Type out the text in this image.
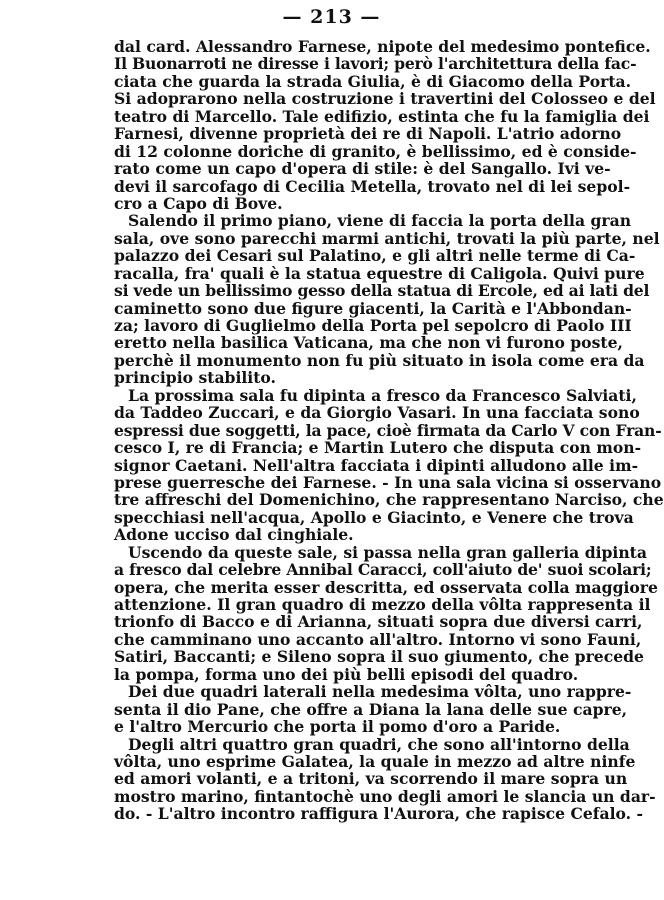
— 213 —
dal card. Alessandro Farnese, nipote del medesimo pontefice.
Il Buonarroti ne diresse i lavori; però l'architettura della fac-
ciata che guarda la strada Giulia, è di Giacomo della Porta.
Si adoprarono nella costruzione i travertini del Colosseo e del
teatro di Marcello. Tale edifizio, estinta che fu la famiglia dei
Farnesi, divenne proprietà dei re di Napoli. L'atrio adorno
di 12 colonne doriche di granito, è bellissimo, ed è conside-
rato come un capo d'opera di stile: è del Sangallo. Ivi ve-
devi il sarcofago di Cecilia Metella, trovato nel di lei sepol-
cro a Capo di Bove.
Salendo il primo piano, viene di faccia la porta della gran
sala, ove sono parecchi marmi antichi, trovati la più parte, nel
palazzo dei Cesari sul Palatino, e gli altri nelle terme di Ca-
racalla, fra' quali è la statua equestre di Caligola. Quivi pure
si vede un bellissimo gesso della statua di Ercole, ed ai lati del
caminetto sono due figure giacenti, la Carità e l'Abbondan-
za; lavoro di Guglielmo della Porta pel sepolcro di Paolo III
eretto nella basilica Vaticana, ma che non vi furono poste,
perchè il monumento non fu più situato in isola come era da
principio stabilito.
La prossima sala fu dipinta a fresco da Francesco Salviati,
da Taddeo Zuccari, e da Giorgio Vasari. In una facciata sono
espressi due soggetti, la pace, cioè firmata da Carlo V con Fran-
cesco I, re di Francia; e Martin Lutero che disputa con mon-
signor Caetani. Nell'altra facciata i dipinti alludono alle im-
prese guerresche dei Farnese. - In una sala vicina si osservano
tre affreschi del Domenichino, che rappresentano Narciso, che
specchiasi nell'acqua, Apollo e Giacinto, e Venere che trova
Adone ucciso dal cinghiale.
Uscendo da queste sale, si passa nella gran galleria dipinta
a fresco dal celebre Annibal Caracci, coll'aiuto de' suoi scolari;
opera, che merita esser descritta, ed osservata colla maggiore
attenzione. Il gran quadro di mezzo della vôlta rappresenta il
trionfo di Bacco e di Arianna, situati sopra due diversi carri,
che camminano uno accanto all'altro. Intorno vi sono Fauni,
Satiri, Baccanti; e Sileno sopra il suo giumento, che precede
la pompa, forma uno dei più belli episodi del quadro.
Dei due quadri laterali nella medesima vôlta, uno rappre-
senta il dio Pane, che offre a Diana la lana delle sue capre,
e l'altro Mercurio che porta il pomo d'oro a Paride.
Degli altri quattro gran quadri, che sono all'intorno della
vôlta, uno esprime Galatea, la quale in mezzo ad altre ninfe
ed amori volanti, e a tritoni, va scorrendo il mare sopra un
mostro marino, fintantochè uno degli amori le slancia un dar-
do. - L'altro incontro raffigura l'Aurora, che rapisce Cefalo. -
